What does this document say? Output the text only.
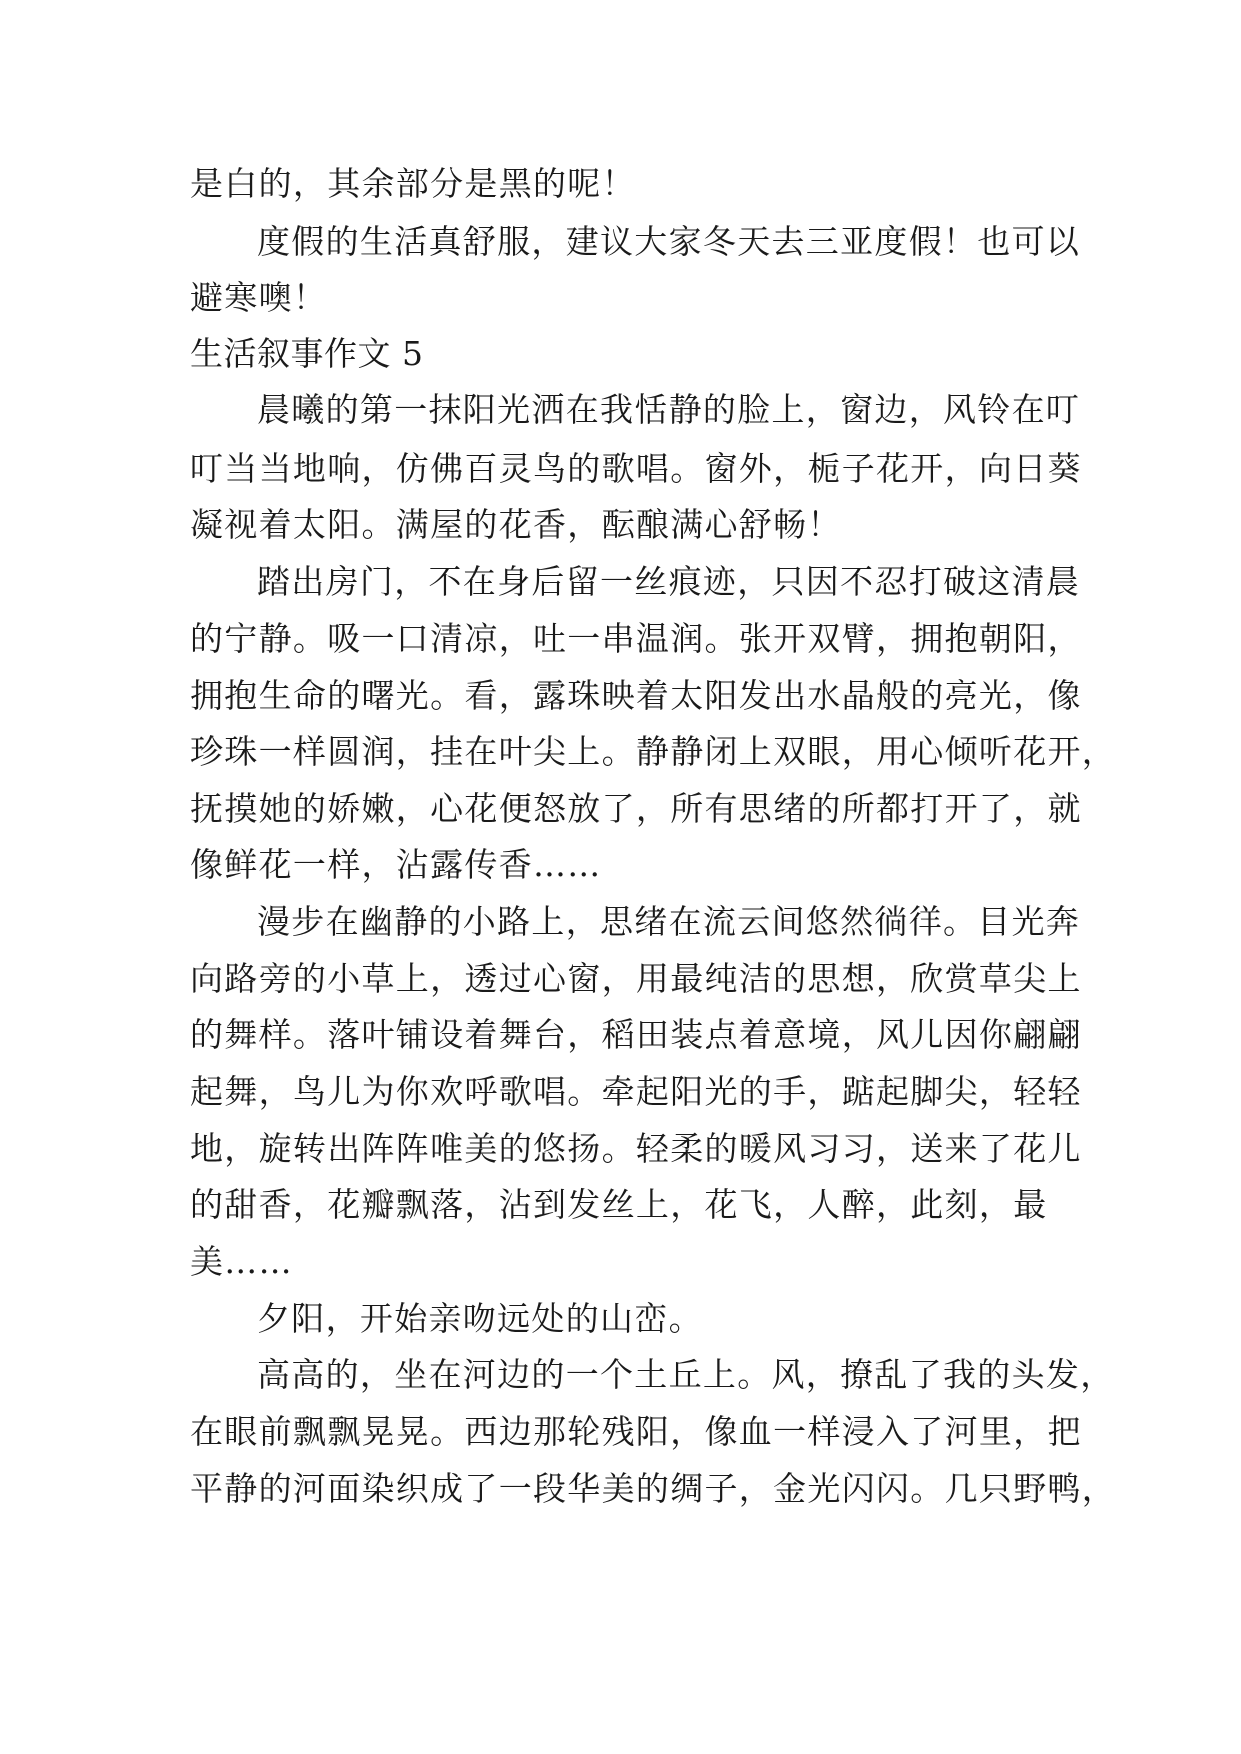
是白的，其余部分是黑的呢！
度假的生活真舒服，建议大家冬天去三亚度假！也可以
避寒噢！
生活叙事作文 5
晨曦的第一抹阳光洒在我恬静的脸上，窗边，风铃在叮
叮当当地响，仿佛百灵鸟的歌唱。窗外，栀子花开，向日葵
凝视着太阳。满屋的花香，酝酿满心舒畅！
踏出房门，不在身后留一丝痕迹，只因不忍打破这清晨
的宁静。吸一口清凉，吐一串温润。张开双臂，拥抱朝阳，
拥抱生命的曙光。看，露珠映着太阳发出水晶般的亮光，像
珍珠一样圆润，挂在叶尖上。静静闭上双眼，用心倾听花开，
抚摸她的娇嫩，心花便怒放了，所有思绪的所都打开了，就
像鲜花一样，沾露传香……
漫步在幽静的小路上，思绪在流云间悠然徜徉。目光奔
向路旁的小草上，透过心窗，用最纯洁的思想，欣赏草尖上
的舞样。落叶铺设着舞台，稻田装点着意境，风儿因你翩翩
起舞，鸟儿为你欢呼歌唱。牵起阳光的手，踮起脚尖，轻轻
地，旋转出阵阵唯美的悠扬。轻柔的暖风习习，送来了花儿
的甜香，花瓣飘落，沾到发丝上，花飞，人醉，此刻，最
美……
夕阳，开始亲吻远处的山峦。
高高的，坐在河边的一个土丘上。风，撩乱了我的头发，
在眼前飘飘晃晃。西边那轮残阳，像血一样浸入了河里，把
平静的河面染织成了一段华美的绸子，金光闪闪。几只野鸭，
